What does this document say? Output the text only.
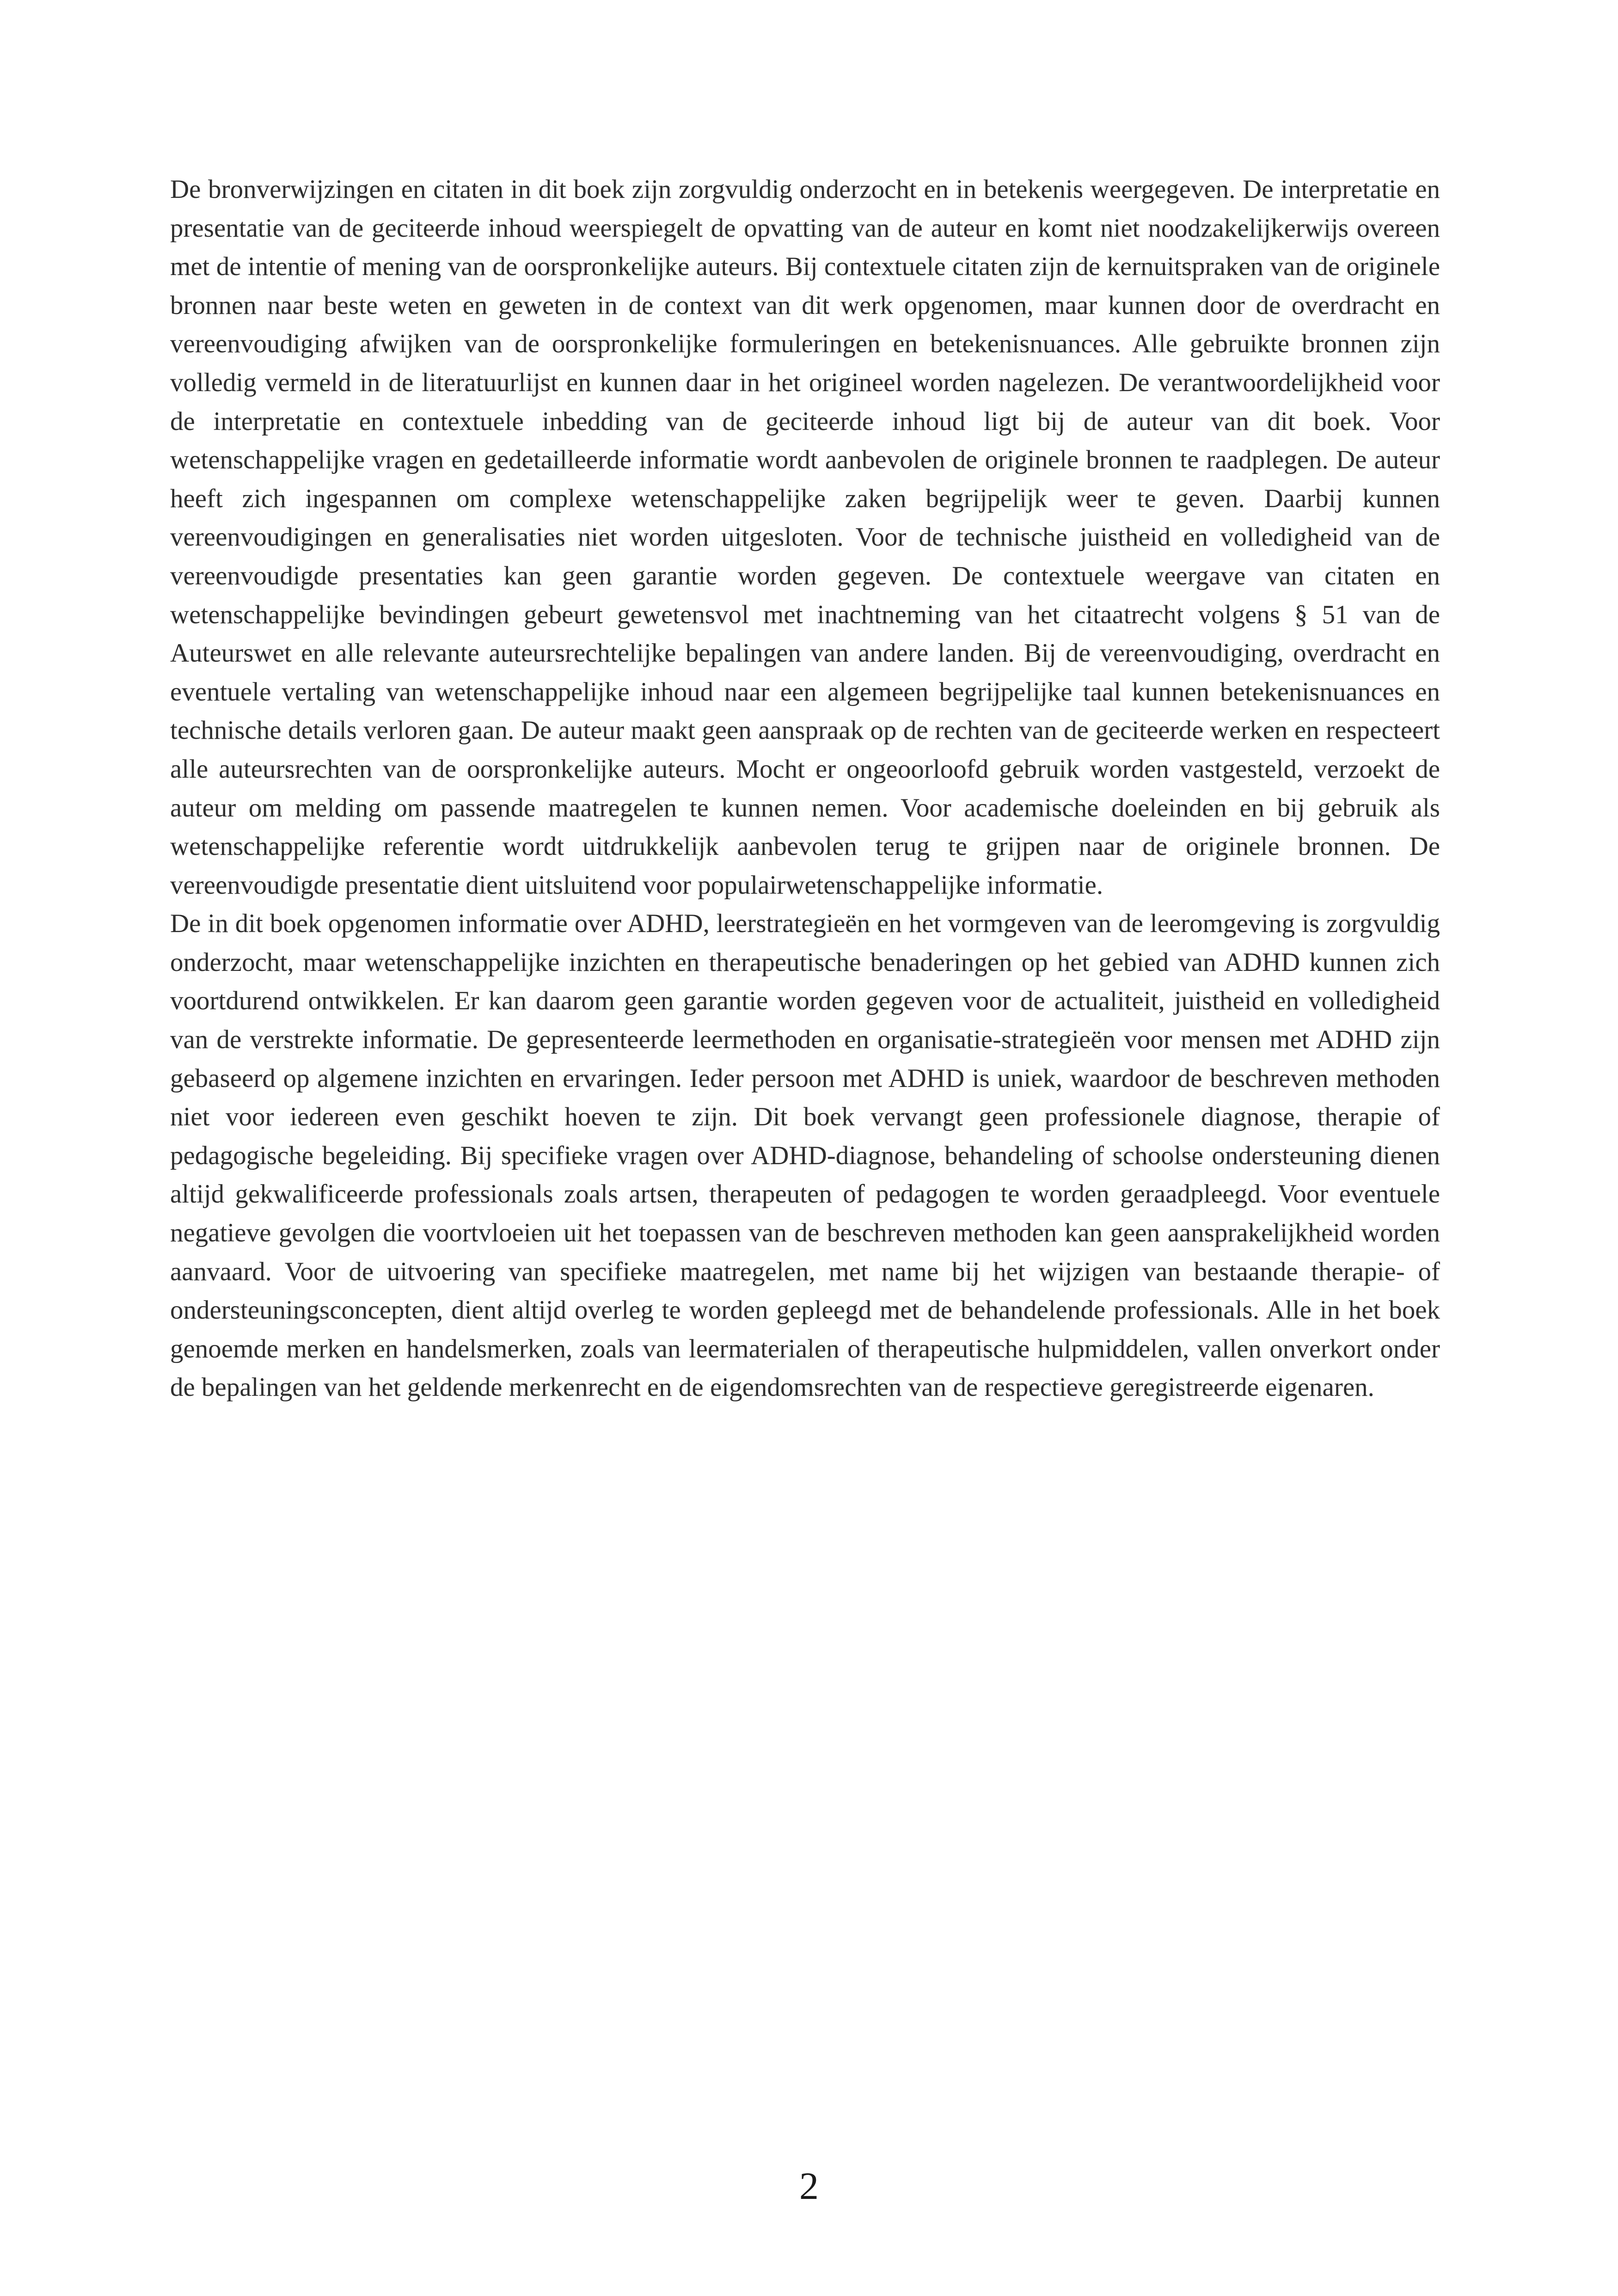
De bronverwijzingen en citaten in dit boek zijn zorgvuldig onderzocht en in betekenis weergegeven. De interpretatie en presentatie van de geciteerde inhoud weerspiegelt de opvatting van de auteur en komt niet noodzakelijkerwijs overeen met de intentie of mening van de oorspronkelijke auteurs. Bij contextuele citaten zijn de kernuitspraken van de originele bronnen naar beste weten en geweten in de context van dit werk opgenomen, maar kunnen door de overdracht en vereenvoudiging afwijken van de oorspronkelijke formuleringen en betekenisnuances. Alle gebruikte bronnen zijn volledig vermeld in de literatuurlijst en kunnen daar in het origineel worden nagelezen. De verantwoordelijkheid voor de interpretatie en contextuele inbedding van de geciteerde inhoud ligt bij de auteur van dit boek. Voor wetenschappelijke vragen en gedetailleerde informatie wordt aanbevolen de originele bronnen te raadplegen. De auteur heeft zich ingespannen om complexe wetenschappelijke zaken begrijpelijk weer te geven. Daarbij kunnen vereenvoudigingen en generalisaties niet worden uitgesloten. Voor de technische juistheid en volledigheid van de vereenvoudigde presentaties kan geen garantie worden gegeven. De contextuele weergave van citaten en wetenschappelijke bevindingen gebeurt gewetensvol met inachtneming van het citaatrecht volgens § 51 van de Auteurswet en alle relevante auteursrechtelijke bepalingen van andere landen. Bij de vereenvoudiging, overdracht en eventuele vertaling van wetenschappelijke inhoud naar een algemeen begrijpelijke taal kunnen betekenisnuances en technische details verloren gaan. De auteur maakt geen aanspraak op de rechten van de geciteerde werken en respecteert alle auteursrechten van de oorspronkelijke auteurs. Mocht er ongeoorloofd gebruik worden vastgesteld, verzoekt de auteur om melding om passende maatregelen te kunnen nemen. Voor academische doeleinden en bij gebruik als wetenschappelijke referentie wordt uitdrukkelijk aanbevolen terug te grijpen naar de originele bronnen. De vereenvoudigde presentatie dient uitsluitend voor populairwetenschappelijke informatie.

De in dit boek opgenomen informatie over ADHD, leerstrategieën en het vormgeven van de leeromgeving is zorgvuldig onderzocht, maar wetenschappelijke inzichten en therapeutische benaderingen op het gebied van ADHD kunnen zich voortdurend ontwikkelen. Er kan daarom geen garantie worden gegeven voor de actualiteit, juistheid en volledigheid van de verstrekte informatie. De gepresenteerde leermethoden en organisatie-strategieën voor mensen met ADHD zijn gebaseerd op algemene inzichten en ervaringen. Ieder persoon met ADHD is uniek, waardoor de beschreven methoden niet voor iedereen even geschikt hoeven te zijn. Dit boek vervangt geen professionele diagnose, therapie of pedagogische begeleiding. Bij specifieke vragen over ADHD-diagnose, behandeling of schoolse ondersteuning dienen altijd gekwalificeerde professionals zoals artsen, therapeuten of pedagogen te worden geraadpleegd. Voor eventuele negatieve gevolgen die voortvloeien uit het toepassen van de beschreven methoden kan geen aansprakelijkheid worden aanvaard. Voor de uitvoering van specifieke maatregelen, met name bij het wijzigen van bestaande therapie- of ondersteuningsconcepten, dient altijd overleg te worden gepleegd met de behandelende professionals. Alle in het boek genoemde merken en handelsmerken, zoals van leermaterialen of therapeutische hulpmiddelen, vallen onverkort onder de bepalingen van het geldende merkenrecht en de eigendomsrechten van de respectieve geregistreerde eigenaren.

2
